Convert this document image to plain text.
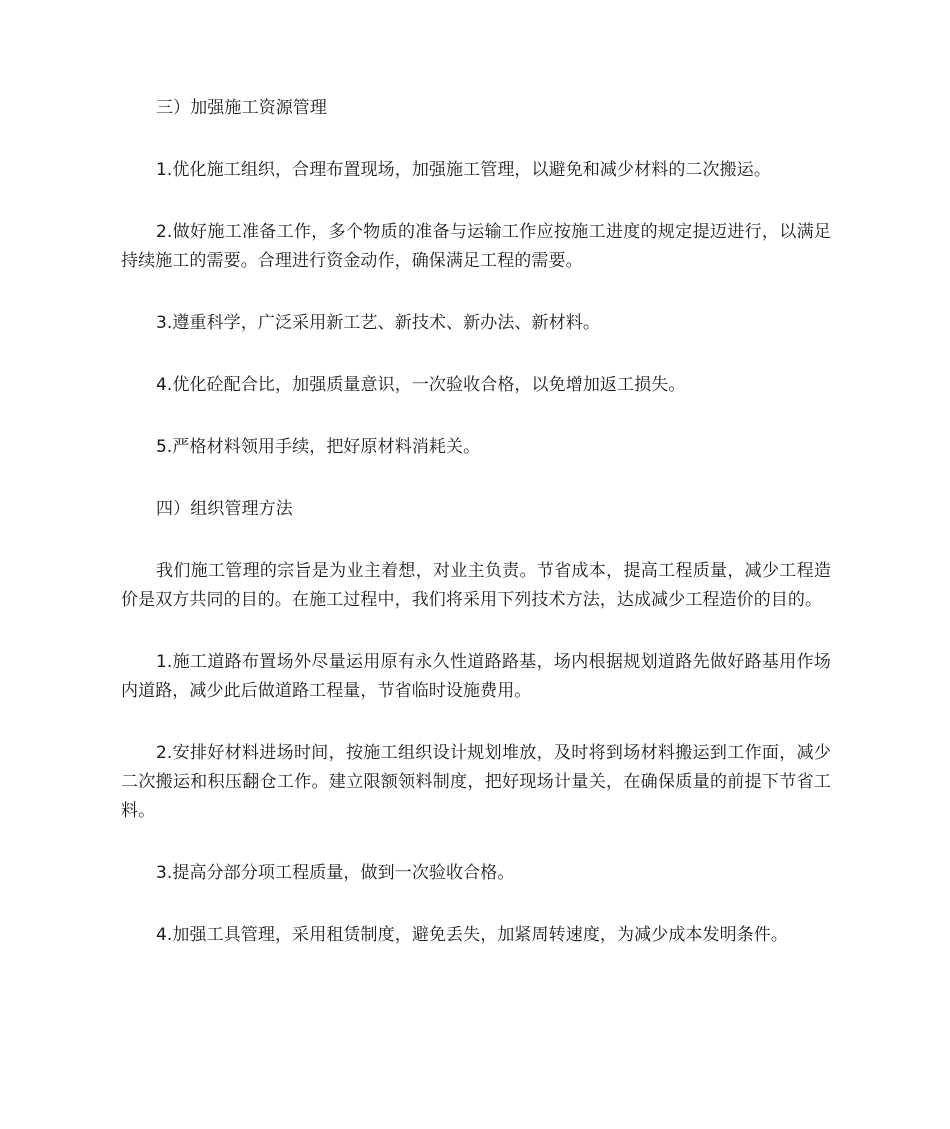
三）加强施工资源管理

1.优化施工组织，合理布置现场，加强施工管理，以避免和减少材料的二次搬运。

2.做好施工准备工作，多个物质的准备与运输工作应按施工进度的规定提迈进行，以满足持续施工的需要。合理进行资金动作，确保满足工程的需要。

3.遵重科学，广泛采用新工艺、新技术、新办法、新材料。

4.优化砼配合比，加强质量意识，一次验收合格，以免增加返工损失。

5.严格材料领用手续，把好原材料消耗关。

四）组织管理方法

我们施工管理的宗旨是为业主着想，对业主负责。节省成本，提高工程质量，减少工程造价是双方共同的目的。在施工过程中，我们将采用下列技术方法，达成减少工程造价的目的。

1.施工道路布置场外尽量运用原有永久性道路路基，场内根据规划道路先做好路基用作场内道路，减少此后做道路工程量，节省临时设施费用。

2.安排好材料进场时间，按施工组织设计规划堆放，及时将到场材料搬运到工作面，减少二次搬运和积压翻仓工作。建立限额领料制度，把好现场计量关，在确保质量的前提下节省工料。

3.提高分部分项工程质量，做到一次验收合格。

4.加强工具管理，采用租赁制度，避免丢失，加紧周转速度，为减少成本发明条件。
